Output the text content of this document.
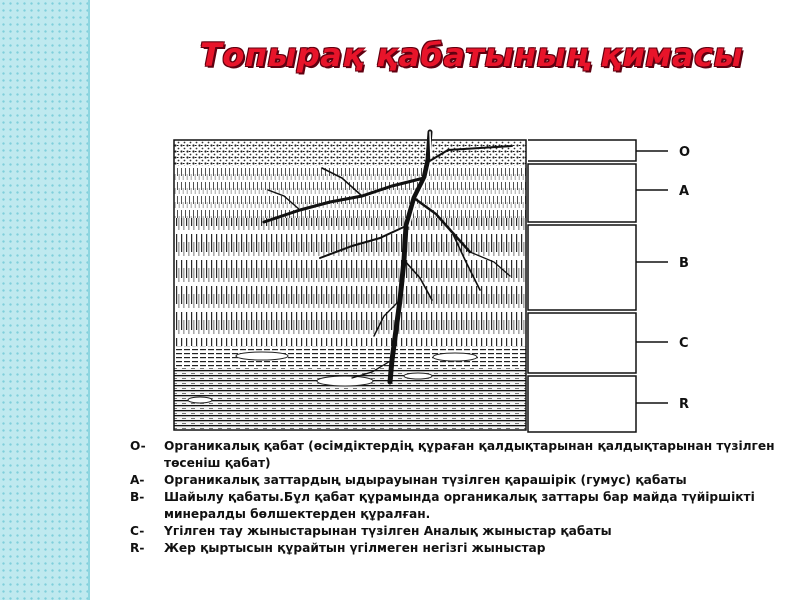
Топырақ қабатының қимасы
O
A
B
C
R
O-	Органикалық қабат (өсімдіктердің құраған қалдықтарынан қалдықтарынан түзілген
төсеніш қабат)
A-	Органикалық заттардың ыдырауынан түзілген қарашірік (гумус) қабаты
B-	Шайылу қабаты.Бұл қабат құрамында органикалық заттары бар майда түйіршікті
минералды бөлшектерден құралған.
C-	Үгілген тау жыныстарынан түзілген Аналық жыныстар қабаты
R-	Жер қыртысын құрайтын үгілмеген негізгі жыныстар
